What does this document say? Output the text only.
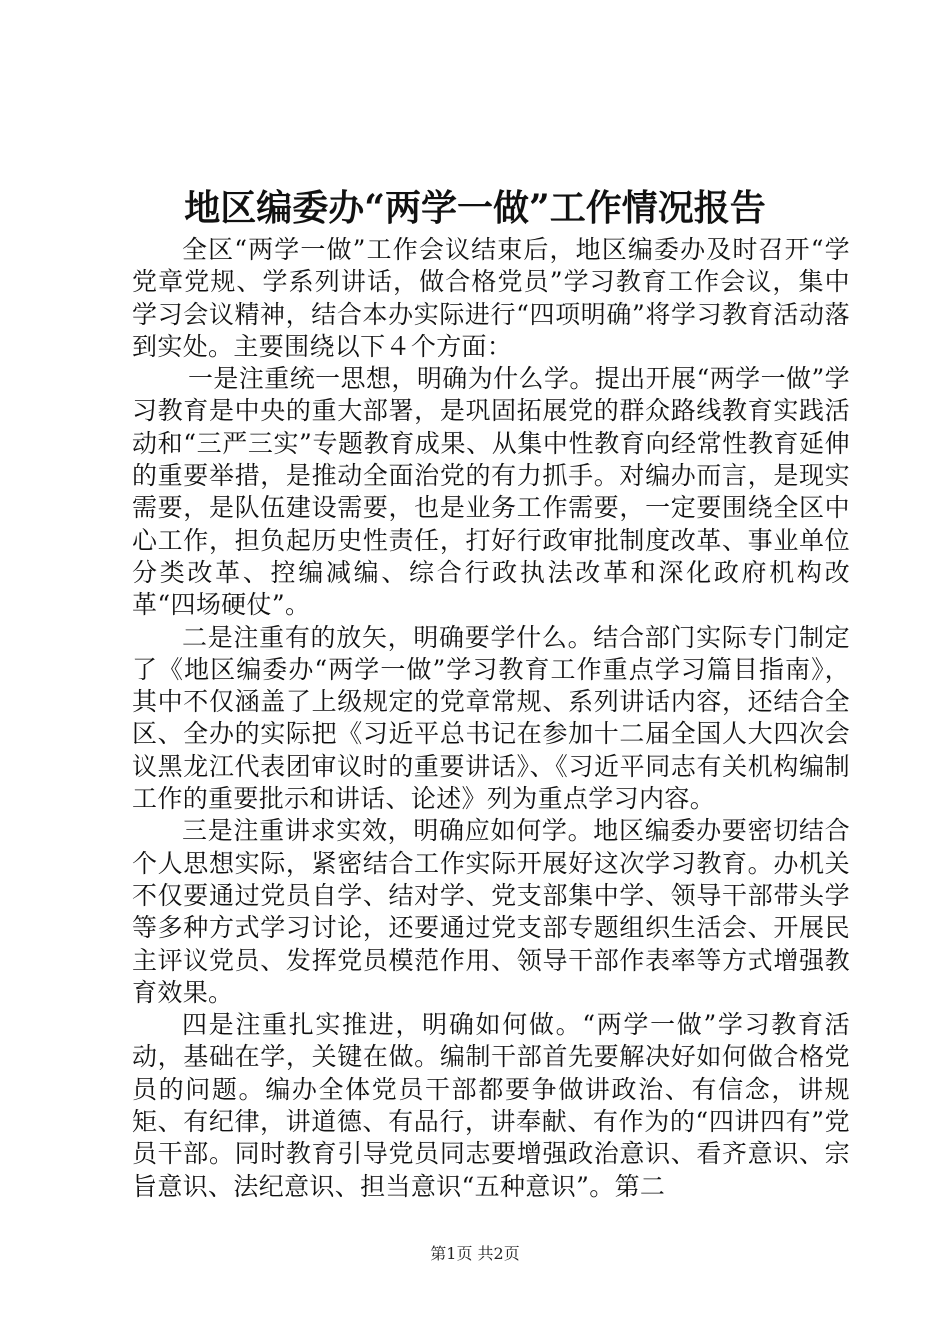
地区编委办“两学一做”工作情况报告

全区“两学一做”工作会议结束后，地区编委办及时召开“学党章党规、学系列讲话，做合格党员”学习教育工作会议，集中学习会议精神，结合本办实际进行“四项明确”将学习教育活动落到实处。主要围绕以下４个方面：

一是注重统一思想，明确为什么学。提出开展“两学一做”学习教育是中央的重大部署，是巩固拓展党的群众路线教育实践活动和“三严三实”专题教育成果、从集中性教育向经常性教育延伸的重要举措，是推动全面治党的有力抓手。对编办而言，是现实需要，是队伍建设需要，也是业务工作需要，一定要围绕全区中心工作，担负起历史性责任，打好行政审批制度改革、事业单位分类改革、控编减编、综合行政执法改革和深化政府机构改革“四场硬仗”。

二是注重有的放矢，明确要学什么。结合部门实际专门制定了《地区编委办“两学一做”学习教育工作重点学习篇目指南》，其中不仅涵盖了上级规定的党章常规、系列讲话内容，还结合全区、全办的实际把《习近平总书记在参加十二届全国人大四次会议黑龙江代表团审议时的重要讲话》、《习近平同志有关机构编制工作的重要批示和讲话、论述》列为重点学习内容。

三是注重讲求实效，明确应如何学。地区编委办要密切结合个人思想实际，紧密结合工作实际开展好这次学习教育。办机关不仅要通过党员自学、结对学、党支部集中学、领导干部带头学等多种方式学习讨论，还要通过党支部专题组织生活会、开展民主评议党员、发挥党员模范作用、领导干部作表率等方式增强教育效果。

四是注重扎实推进，明确如何做。“两学一做”学习教育活动，基础在学，关键在做。编制干部首先要解决好如何做合格党员的问题。编办全体党员干部都要争做讲政治、有信念，讲规矩、有纪律，讲道德、有品行，讲奉献、有作为的“四讲四有”党员干部。同时教育引导党员同志要增强政治意识、看齐意识、宗旨意识、法纪意识、担当意识“五种意识”。第二

第1页 共2页
